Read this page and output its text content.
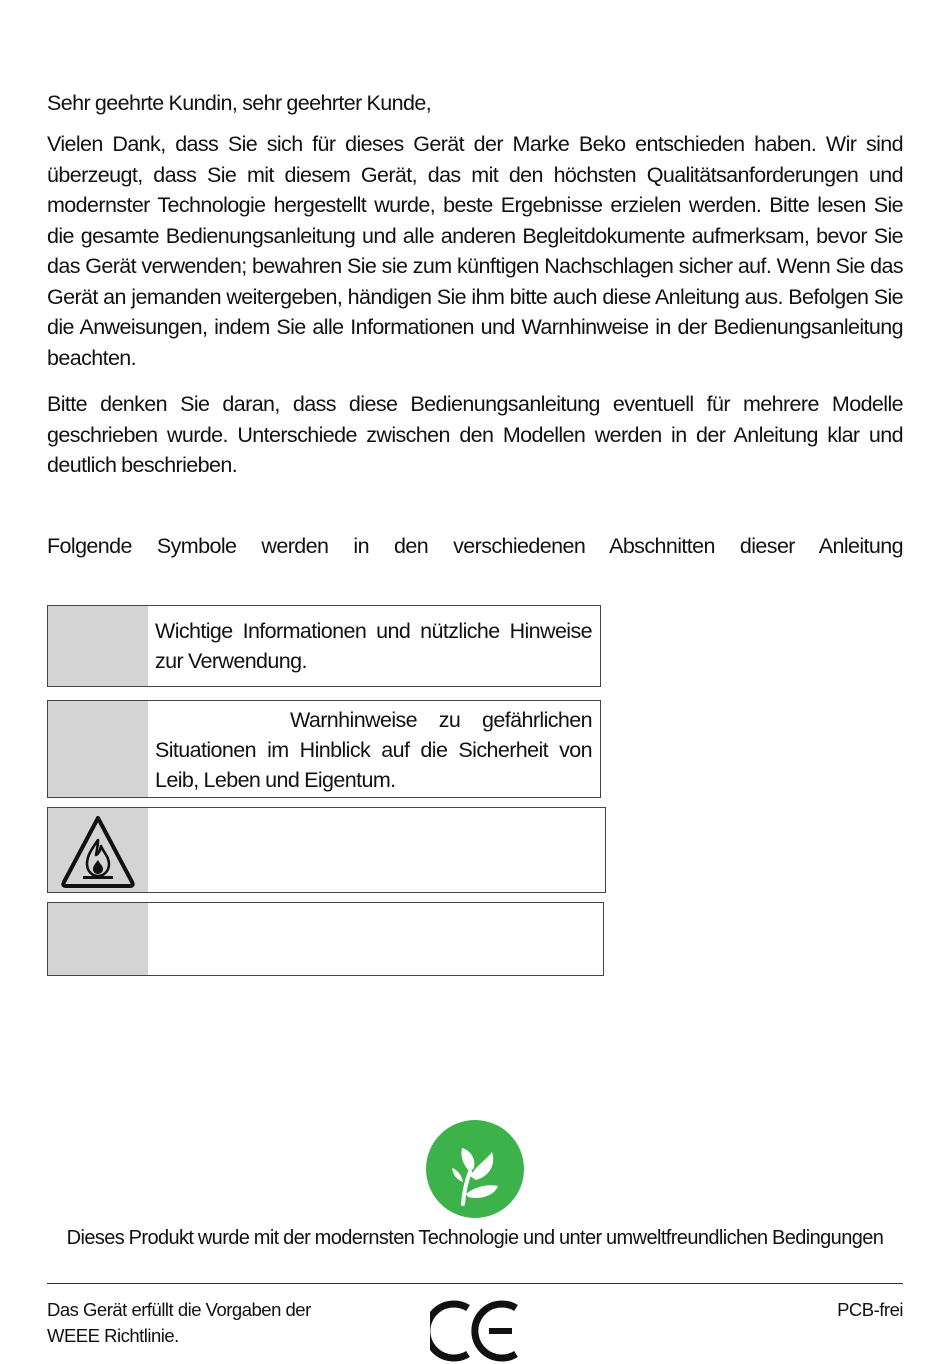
Sehr geehrte Kundin, sehr geehrter Kunde,

Vielen Dank, dass Sie sich für dieses Gerät der Marke Beko entschieden haben. Wir sind überzeugt, dass Sie mit diesem Gerät, das mit den höchsten Qualitätsanforderungen und modernster Technologie hergestellt wurde, beste Ergebnisse erzielen werden. Bitte lesen Sie die gesamte Bedienungsanleitung und alle anderen Begleitdokumente aufmerksam, bevor Sie das Gerät verwenden; bewahren Sie sie zum künftigen Nachschlagen sicher auf. Wenn Sie das Gerät an jemanden weitergeben, händigen Sie ihm bitte auch diese Anleitung aus. Befolgen Sie die Anweisungen, indem Sie alle Informationen und Warnhinweise in der Bedienungsanleitung beachten.

Bitte denken Sie daran, dass diese Bedienungsanleitung eventuell für mehrere Modelle geschrieben wurde. Unterschiede zwischen den Modellen werden in der Anleitung klar und deutlich beschrieben.

Folgende Symbole werden in den verschiedenen Abschnitten dieser Anleitung

Wichtige Informationen und nützliche Hinweise zur Verwendung.

Warnhinweise zu gefährlichen Situationen im Hinblick auf die Sicherheit von Leib, Leben und Eigentum.

Dieses Produkt wurde mit der modernsten Technologie und unter umweltfreundlichen Bedingungen

Das Gerät erfüllt die Vorgaben der
WEEE Richtlinie.

PCB-frei
